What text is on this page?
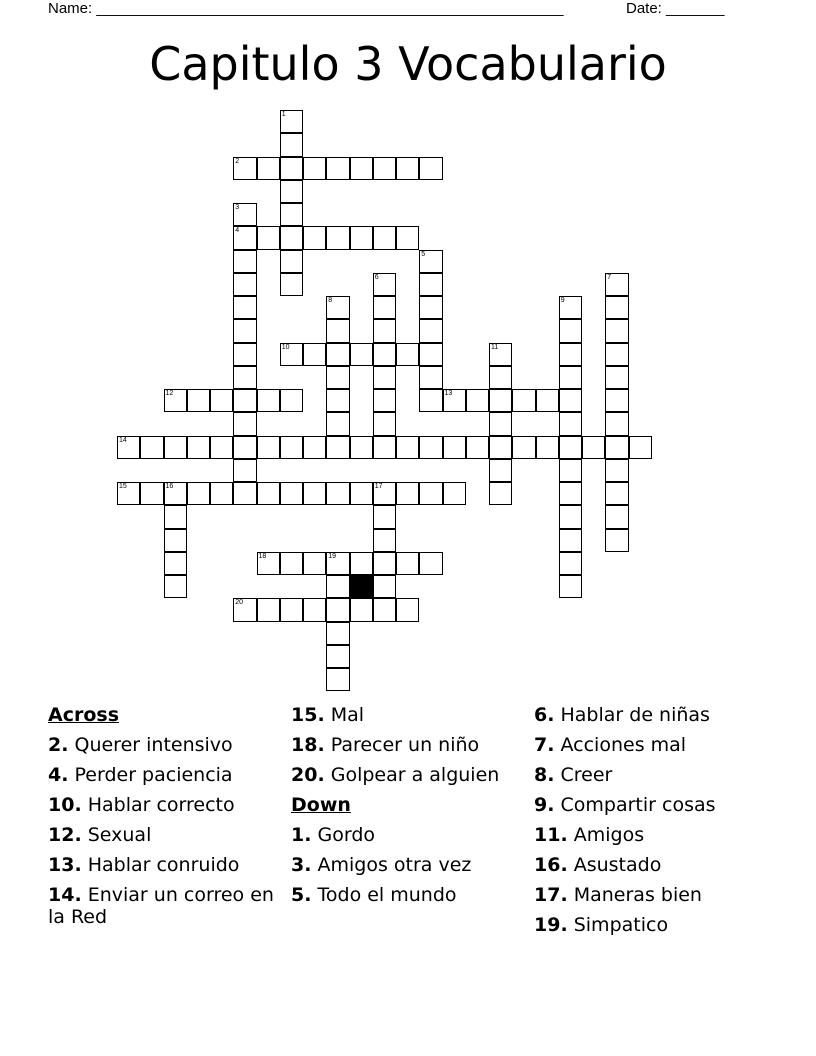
Name: ________________________________________________________	Date: _______
Capitulo 3 Vocabulario
2
4
10
12	13
14
15	16	17
18	19
20
1
3
5
6	7
8	9
11
Across
2. Querer intensivo
4. Perder paciencia
10. Hablar correcto
12. Sexual
13. Hablar conruido
14. Enviar un correo en la Red
15. Mal
18. Parecer un niño
20. Golpear a alguien
Down
1. Gordo
3. Amigos otra vez
5. Todo el mundo
6. Hablar de niñas
7. Acciones mal
8. Creer
9. Compartir cosas
11. Amigos
16. Asustado
17. Maneras bien
19. Simpatico
